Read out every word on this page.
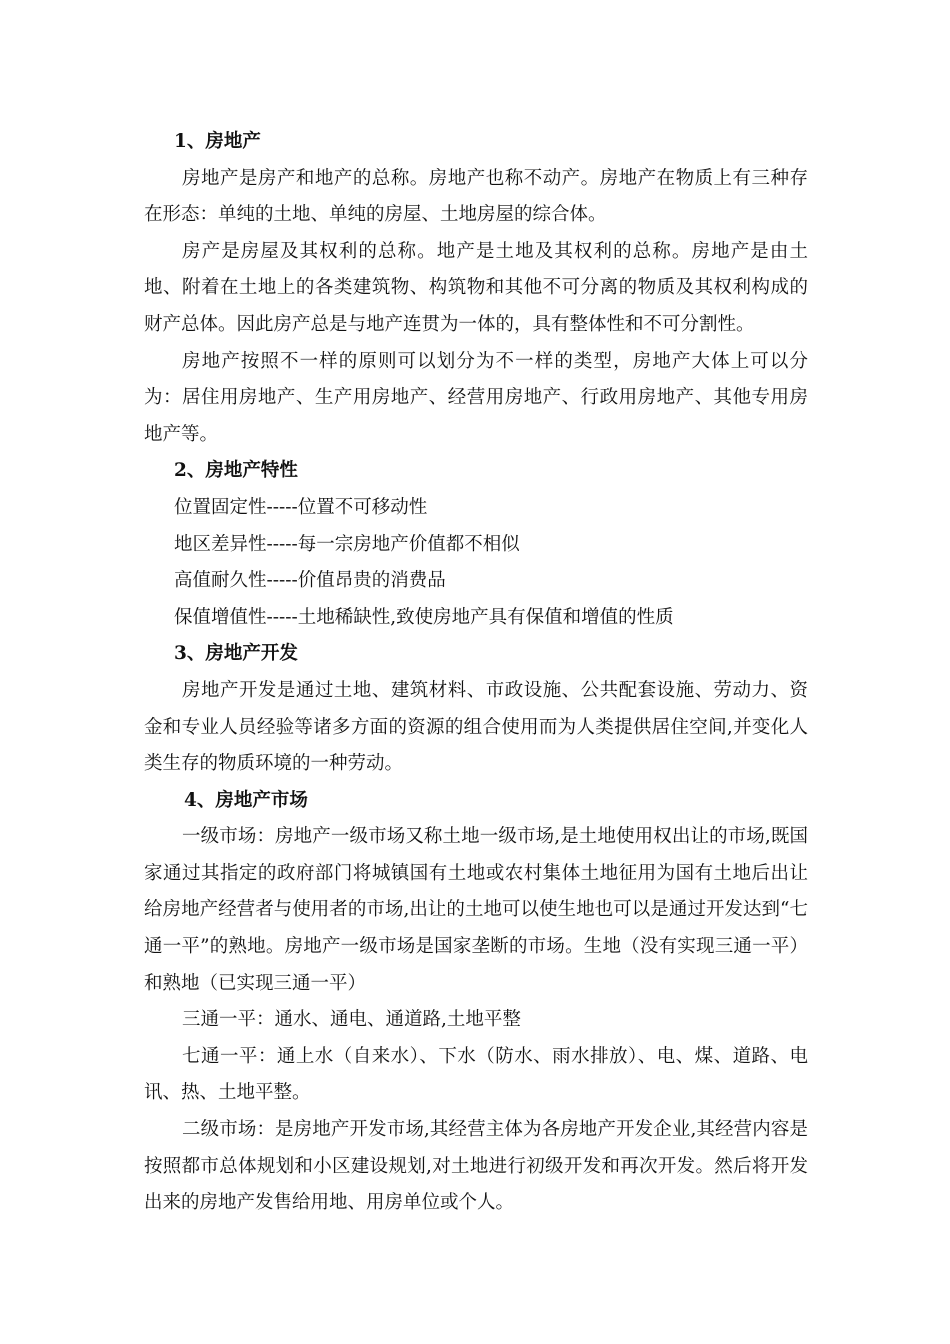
1、房地产

房地产是房产和地产的总称。房地产也称不动产。房地产在物质上有三种存在形态：单纯的土地、单纯的房屋、土地房屋的综合体。

房产是房屋及其权利的总称。地产是土地及其权利的总称。房地产是由土地、附着在土地上的各类建筑物、构筑物和其他不可分离的物质及其权利构成的财产总体。因此房产总是与地产连贯为一体的，具有整体性和不可分割性。

房地产按照不一样的原则可以划分为不一样的类型，房地产大体上可以分为：居住用房地产、生产用房地产、经营用房地产、行政用房地产、其他专用房地产等。

2、房地产特性

位置固定性-----位置不可移动性

地区差异性-----每一宗房地产价值都不相似

高值耐久性-----价值昂贵的消费品

保值增值性-----土地稀缺性,致使房地产具有保值和增值的性质

3、房地产开发

房地产开发是通过土地、建筑材料、市政设施、公共配套设施、劳动力、资金和专业人员经验等诸多方面的资源的组合使用而为人类提供居住空间,并变化人类生存的物质环境的一种劳动。

4、房地产市场

一级市场：房地产一级市场又称土地一级市场,是土地使用权出让的市场,既国家通过其指定的政府部门将城镇国有土地或农村集体土地征用为国有土地后出让给房地产经营者与使用者的市场,出让的土地可以使生地也可以是通过开发达到“七通一平”的熟地。房地产一级市场是国家垄断的市场。生地（没有实现三通一平）和熟地（已实现三通一平）

三通一平：通水、通电、通道路,土地平整

七通一平：通上水（自来水）、下水（防水、雨水排放）、电、煤、道路、电讯、热、土地平整。

二级市场：是房地产开发市场,其经营主体为各房地产开发企业,其经营内容是按照都市总体规划和小区建设规划,对土地进行初级开发和再次开发。然后将开发出来的房地产发售给用地、用房单位或个人。
